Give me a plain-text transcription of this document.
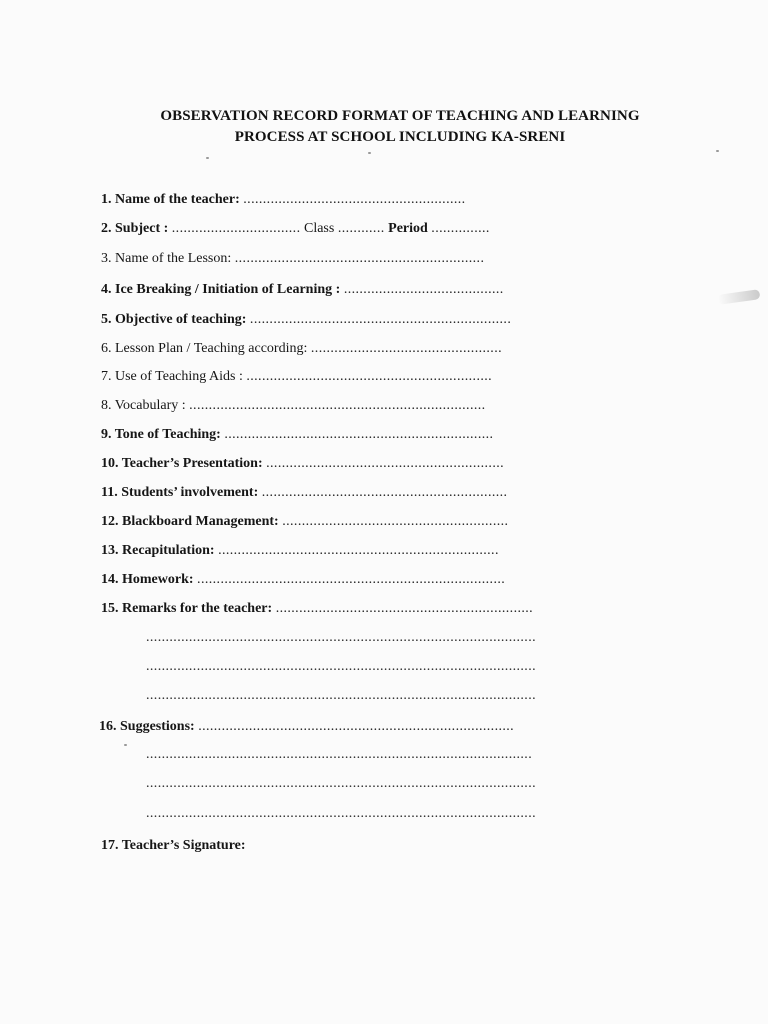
OBSERVATION RECORD FORMAT OF TEACHING AND LEARNING
PROCESS AT SCHOOL INCLUDING KA-SRENI
1. Name of the teacher: .........................................................
2. Subject : ................................. Class ............ Period ...............
3. Name of the Lesson: ................................................................
4. Ice Breaking / Initiation of Learning : .........................................
5. Objective of teaching: ...................................................................
6. Lesson Plan / Teaching according: .................................................
7. Use of Teaching Aids : ...............................................................
8. Vocabulary : ............................................................................
9. Tone of Teaching: .....................................................................
10. Teacher’s Presentation: .............................................................
11. Students’ involvement: ...............................................................
12. Blackboard Management: ..........................................................
13. Recapitulation: ........................................................................
14. Homework: ...............................................................................
15. Remarks for the teacher: ..................................................................
....................................................................................................
....................................................................................................
....................................................................................................
16. Suggestions: .................................................................................
...................................................................................................
....................................................................................................
....................................................................................................
17. Teacher’s Signature:
